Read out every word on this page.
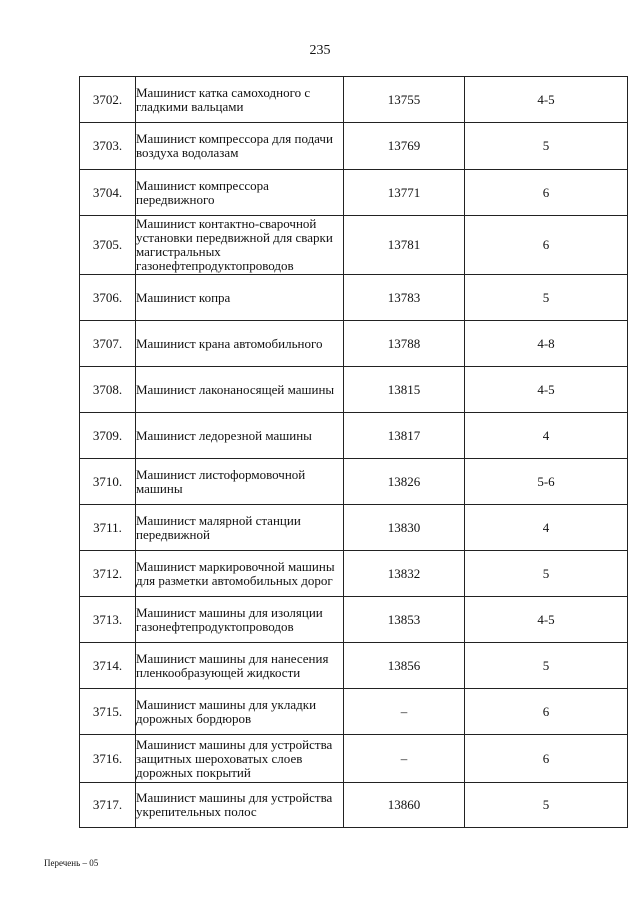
235
3702.	Машинист катка самоходного с гладкими вальцами	13755	4-5
3703.	Машинист компрессора для подачи воздуха водолазам	13769	5
3704.	Машинист компрессора передвижного	13771	6
3705.	Машинист контактно-сварочной установки передвижной для сварки магистральных газонефтепродуктопроводов	13781	6
3706.	Машинист копра	13783	5
3707.	Машинист крана автомобильного	13788	4-8
3708.	Машинист лаконаносящей машины	13815	4-5
3709.	Машинист ледорезной машины	13817	4
3710.	Машинист листоформовочной машины	13826	5-6
3711.	Машинист малярной станции передвижной	13830	4
3712.	Машинист маркировочной машины для разметки автомобильных дорог	13832	5
3713.	Машинист машины для изоляции газонефтепродуктопроводов	13853	4-5
3714.	Машинист машины для нанесения пленкообразующей жидкости	13856	5
3715.	Машинист машины для укладки дорожных бордюров	–	6
3716.	Машинист машины для устройства защитных шероховатых слоев дорожных покрытий	–	6
3717.	Машинист машины для устройства укрепительных полос	13860	5
Перечень – 05
